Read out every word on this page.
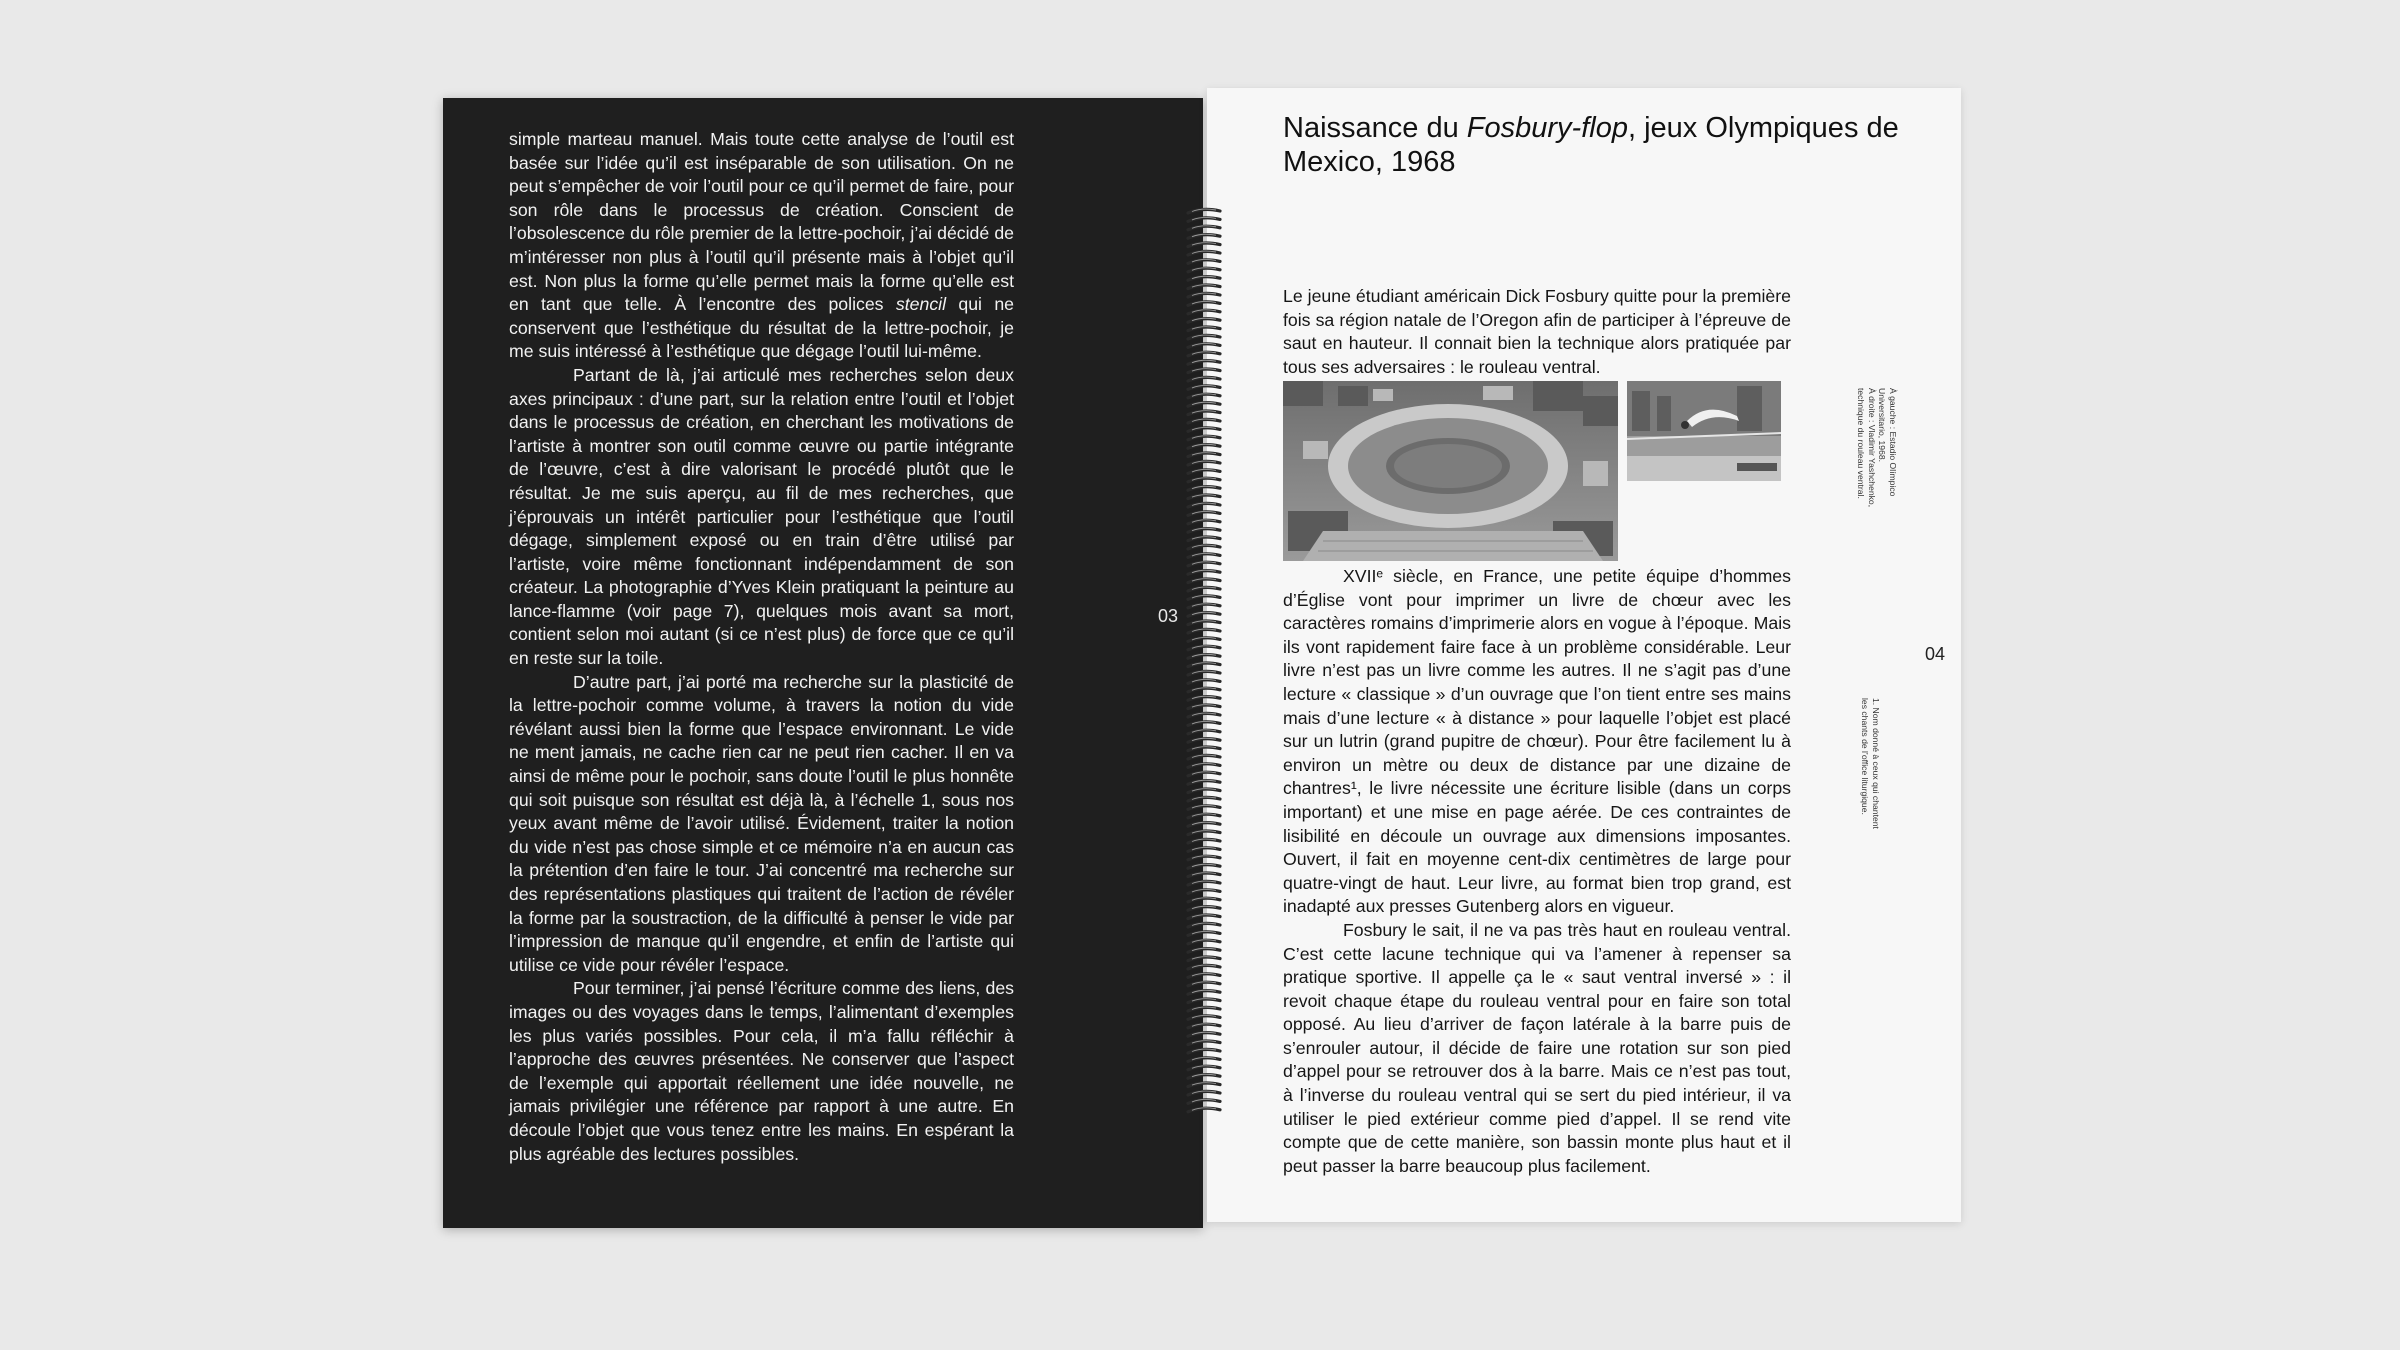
simple marteau manuel. Mais toute cette analyse de l’outil est basée sur l’idée qu’il est inséparable de son utilisation. On ne peut s’empêcher de voir l’outil pour ce qu’il permet de faire, pour son rôle dans le processus de création. Conscient de l’obsolescence du rôle premier de la lettre-pochoir, j’ai décidé de m’intéresser non plus à l’outil qu’il présente mais à l’objet qu’il est. Non plus la forme qu’elle permet mais la forme qu’elle est en tant que telle. À l’encontre des polices stencil qui ne conservent que l’esthétique du résultat de la lettre-pochoir, je me suis intéressé à l’esthétique que dégage l’outil lui-même.

Partant de là, j’ai articulé mes recherches selon deux axes principaux : d’une part, sur la relation entre l’outil et l’objet dans le processus de création, en cherchant les motivations de l’artiste à montrer son outil comme œuvre ou partie intégrante de l’œuvre, c’est à dire valorisant le procédé plutôt que le résultat. Je me suis aperçu, au fil de mes recherches, que j’éprouvais un intérêt particulier pour l’esthétique que l’outil dégage, simplement exposé ou en train d’être utilisé par l’artiste, voire même fonctionnant indépendamment de son créateur. La photographie d’Yves Klein pratiquant la peinture au lance-flamme (voir page 7), quelques mois avant sa mort, contient selon moi autant (si ce n’est plus) de force que ce qu’il en reste sur la toile.

D’autre part, j’ai porté ma recherche sur la plasticité de la lettre-pochoir comme volume, à travers la notion du vide révélant aussi bien la forme que l’espace environnant. Le vide ne ment jamais, ne cache rien car ne peut rien cacher. Il en va ainsi de même pour le pochoir, sans doute l’outil le plus honnête qui soit puisque son résultat est déjà là, à l’échelle 1, sous nos yeux avant même de l’avoir utilisé. Évidement, traiter la notion du vide n’est pas chose simple et ce mémoire n’a en aucun cas la prétention d’en faire le tour. J’ai concentré ma recherche sur des représentations plastiques qui traitent de l’action de révéler la forme par la soustraction, de la difficulté à penser le vide par l’impression de manque qu’il engendre, et enfin de l’artiste qui utilise ce vide pour révéler l’espace.

Pour terminer, j’ai pensé l’écriture comme des liens, des images ou des voyages dans le temps, l’alimentant d’exemples les plus variés possibles. Pour cela, il m’a fallu réfléchir à l’approche des œuvres présentées. Ne conserver que l’aspect de l’exemple qui apportait réellement une idée nouvelle, ne jamais privilégier une référence par rapport à une autre. En découle l’objet que vous tenez entre les mains. En espérant la plus agréable des lectures possibles.

03

Naissance du Fosbury-flop, jeux Olympiques de Mexico, 1968

Le jeune étudiant américain Dick Fosbury quitte pour la première fois sa région natale de l’Oregon afin de participer à l’épreuve de saut en hauteur. Il connait bien la technique alors pratiquée par tous ses adversaires : le rouleau ventral.

XVIIᵉ siècle, en France, une petite équipe d’hommes d’Église vont pour imprimer un livre de chœur avec les caractères romains d’imprimerie alors en vogue à l’époque. Mais ils vont rapidement faire face à un problème considérable. Leur livre n’est pas un livre comme les autres. Il ne s’agit pas d’une lecture « classique » d’un ouvrage que l’on tient entre ses mains mais d’une lecture « à distance » pour laquelle l’objet est placé sur un lutrin (grand pupitre de chœur). Pour être facilement lu à environ un mètre ou deux de distance par une dizaine de chantres¹, le livre nécessite une écriture lisible (dans un corps important) et une mise en page aérée. De ces contraintes de lisibilité en découle un ouvrage aux dimensions imposantes. Ouvert, il fait en moyenne cent-dix centimètres de large pour quatre-vingt de haut. Leur livre, au format bien trop grand, est inadapté aux presses Gutenberg alors en vigueur.

Fosbury le sait, il ne va pas très haut en rouleau ventral. C’est cette lacune technique qui va l’amener à repenser sa pratique sportive. Il appelle ça le « saut ventral inversé » : il revoit chaque étape du rouleau ventral pour en faire son total opposé. Au lieu d’arriver de façon latérale à la barre puis de s’enrouler autour, il décide de faire une rotation sur son pied d’appel pour se retrouver dos à la barre. Mais ce n’est pas tout, à l’inverse du rouleau ventral qui se sert du pied intérieur, il va utiliser le pied extérieur comme pied d’appel. Il se rend vite compte que de cette manière, son bassin monte plus haut et il peut passer la barre beaucoup plus facilement.

04
À gauche : Estadio Olímpico
Universitario, 1968.
À droite : Vladimir Yashchenko,
technique du rouleau ventral.
1. Nom donné à ceux qui chantent
les chants de l’office liturgique.
